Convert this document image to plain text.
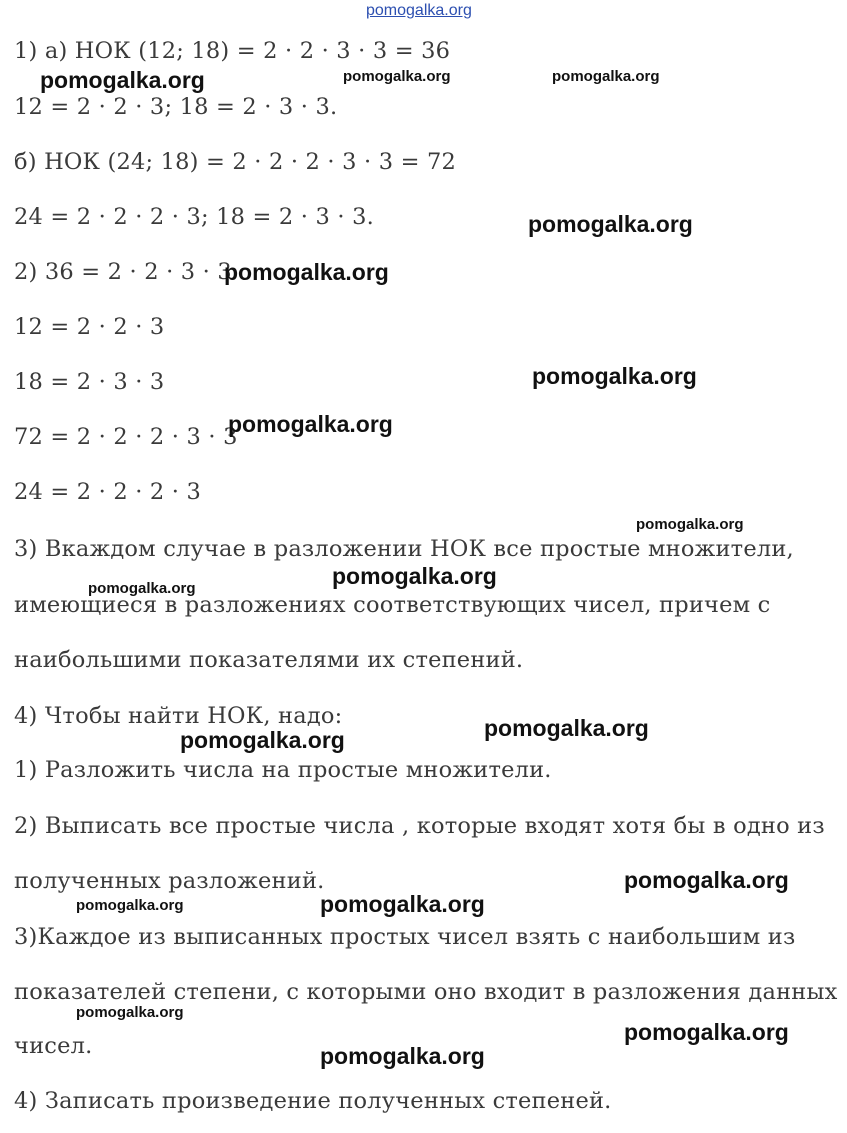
1) а) НОК (12; 18) = 2 · 2 · 3 · 3 = 36
12 = 2 · 2 · 3; 18 = 2 · 3 · 3.
б) НОК (24; 18) = 2 · 2 · 2 · 3 · 3 = 72
24 = 2 · 2 · 2 · 3; 18 = 2 · 3 · 3.
2) 36 = 2 · 2 · 3 · 3
12 = 2 · 2 · 3
18 = 2 · 3 · 3
72 = 2 · 2 · 2 · 3 · 3
24 = 2 · 2 · 2 · 3
3) Вкаждом случае в разложении НОК все простые множители,
имеющиеся в разложениях соответствующих чисел, причем с
наибольшими показателями их степений.
4) Чтобы найти НОК, надо:
1) Разложить числа на простые множители.
2) Выписать все простые числа , которые входят хотя бы в одно из
полученных разложений.
3)Каждое из выписанных простых чисел взять с наибольшим из
показателей степени, с которыми оно входит в разложения данных
чисел.
4) Записать произведение полученных степеней.
pomogalka.org
pomogalka.org	pomogalka.org	pomogalka.org
pomogalka.org
pomogalka.org
pomogalka.org
pomogalka.org
pomogalka.org
pomogalka.org
pomogalka.org
pomogalka.org
pomogalka.org
pomogalka.org
pomogalka.org	pomogalka.org
pomogalka.org
pomogalka.org
pomogalka.org
